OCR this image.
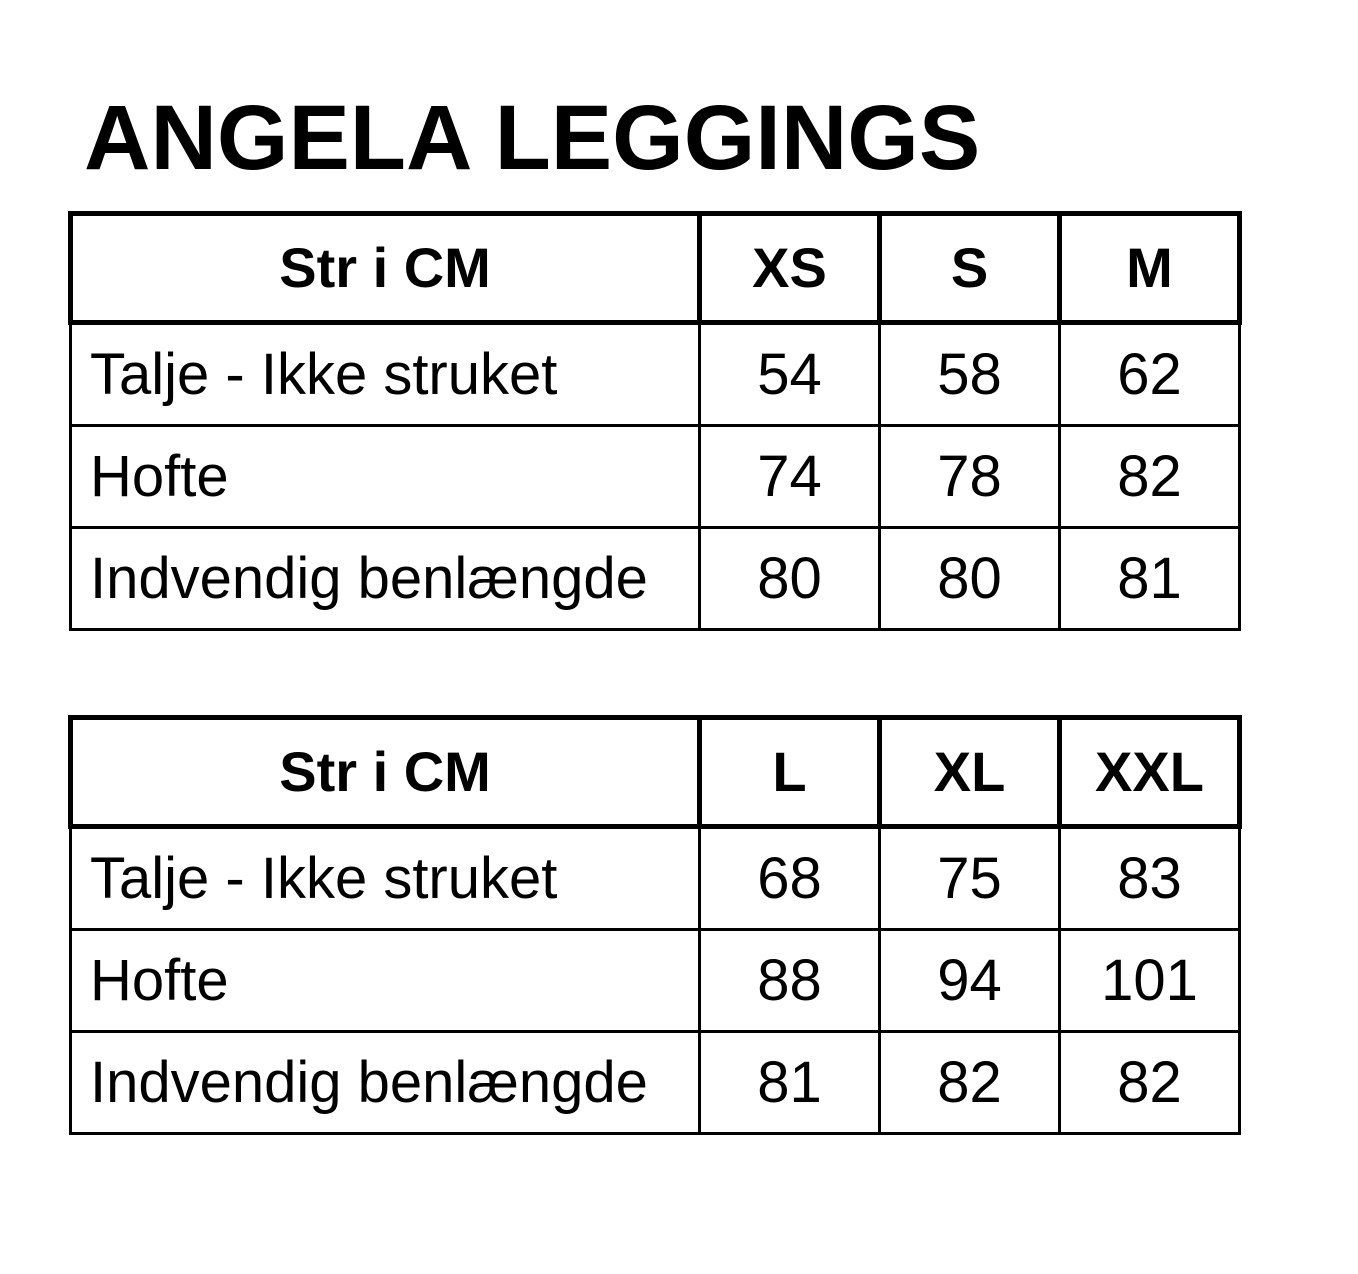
ANGELA LEGGINGS
Str i CM	XS	S	M
Talje - Ikke struket	54	58	62
Hofte	74	78	82
Indvendig benlængde	80	80	81
Str i CM	L	XL	XXL
Talje - Ikke struket	68	75	83
Hofte	88	94	101
Indvendig benlængde	81	82	82
